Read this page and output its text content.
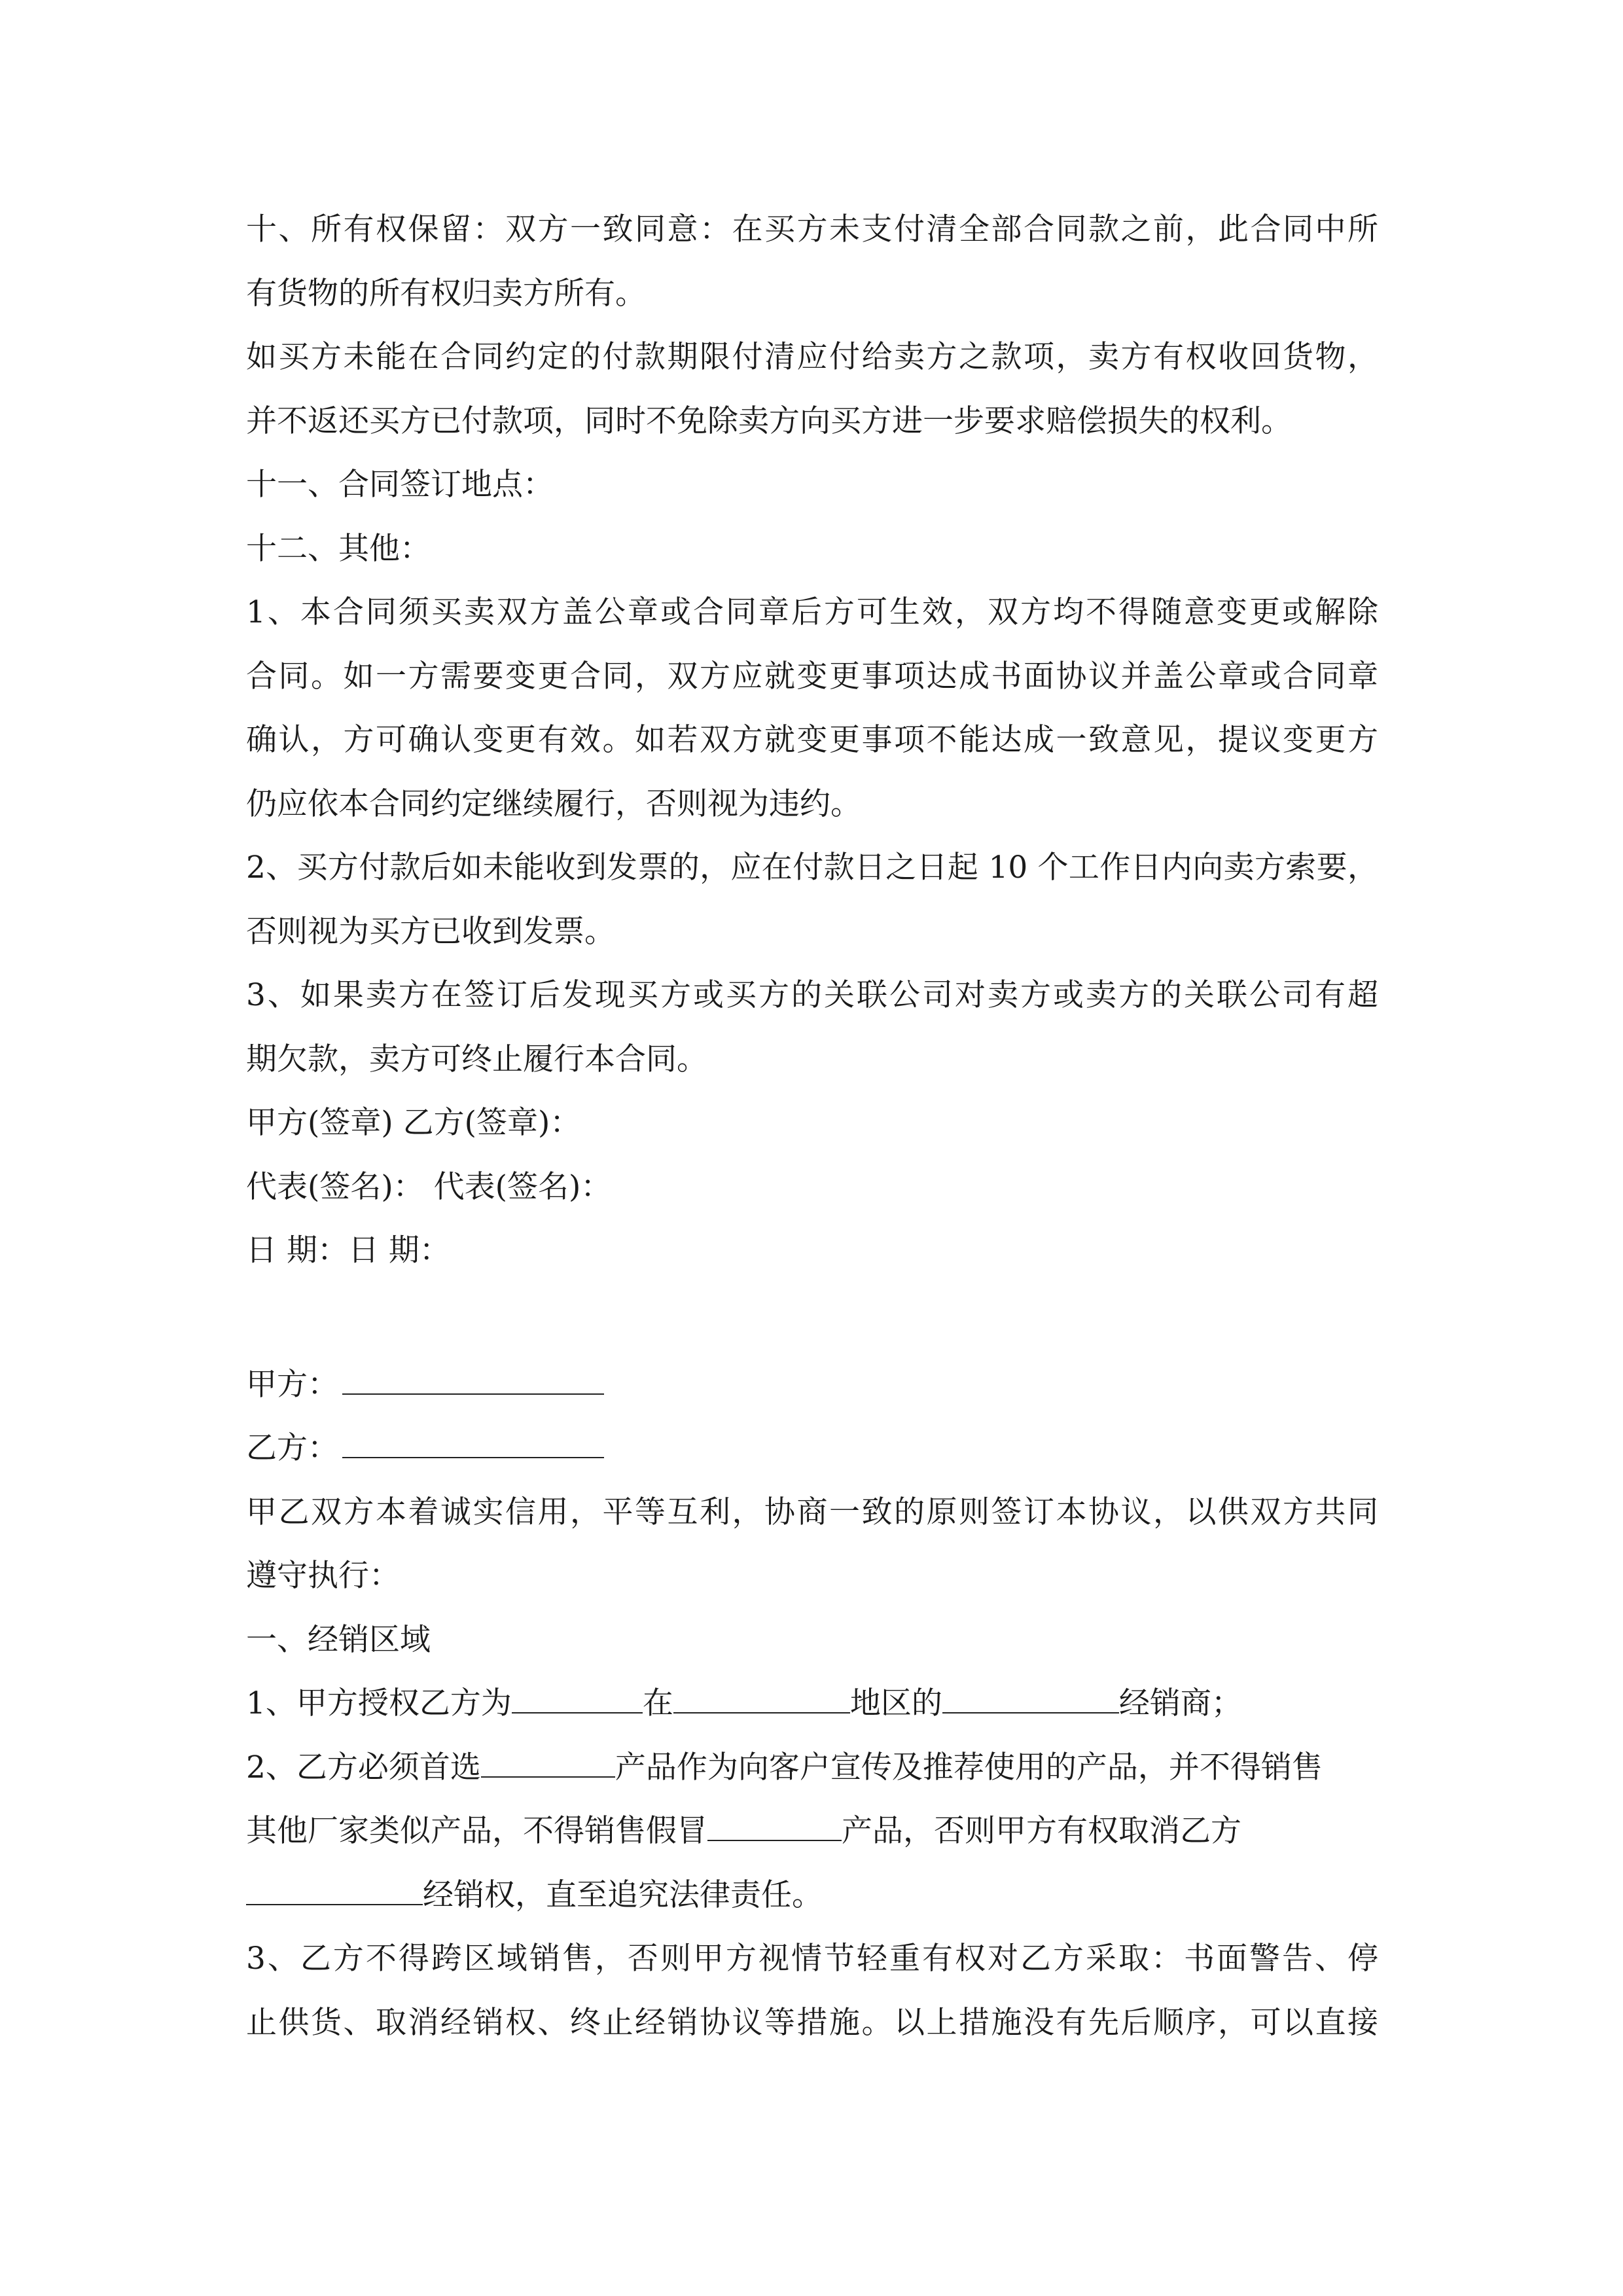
十、所有权保留：双方一致同意：在买方未支付清全部合同款之前，此合同中所
有货物的所有权归卖方所有。
如买方未能在合同约定的付款期限付清应付给卖方之款项，卖方有权收回货物，
并不返还买方已付款项，同时不免除卖方向买方进一步要求赔偿损失的权利。
十一、合同签订地点：
十二、其他：
1、本合同须买卖双方盖公章或合同章后方可生效，双方均不得随意变更或解除
合同。如一方需要变更合同，双方应就变更事项达成书面协议并盖公章或合同章
确认，方可确认变更有效。如若双方就变更事项不能达成一致意见，提议变更方
仍应依本合同约定继续履行，否则视为违约。
2、买方付款后如未能收到发票的，应在付款日之日起 10 个工作日内向卖方索要，
否则视为买方已收到发票。
3、如果卖方在签订后发现买方或买方的关联公司对卖方或卖方的关联公司有超
期欠款，卖方可终止履行本合同。
甲方(签章) 乙方(签章)：
代表(签名)： 代表(签名)：
日 期：日 期：
甲方：
乙方：
甲乙双方本着诚实信用，平等互利，协商一致的原则签订本协议，以供双方共同
遵守执行：
一、经销区域
1、甲方授权乙方为	在	地区的	经销商；
2、乙方必须首选	产品作为向客户宣传及推荐使用的产品，并不得销售
其他厂家类似产品，不得销售假冒	产品，否则甲方有权取消乙方
经销权，直至追究法律责任。
3、乙方不得跨区域销售，否则甲方视情节轻重有权对乙方采取：书面警告、停
止供货、取消经销权、终止经销协议等措施。以上措施没有先后顺序，可以直接
